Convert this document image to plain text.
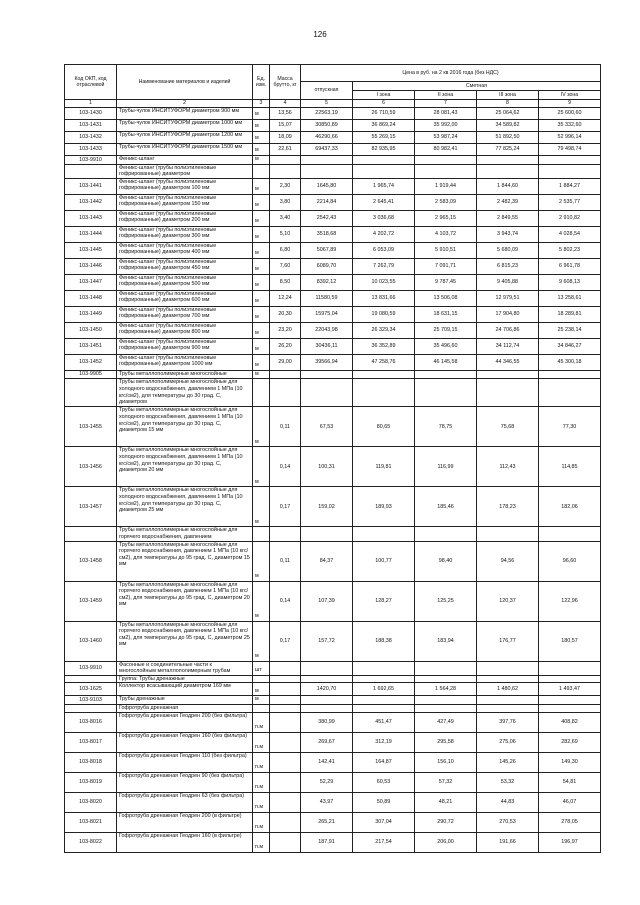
126
Код ОКП, код отраслевой	Наименование материалов и изделий	Ед. изм.	Масса брутто, кг	Цена в руб. на 2 кв 2016 года (без НДС)				
				отпускная	Сметная			
					I зона	II зона	III зона	IV зона
1	2	3	4	5	6	7	8	9
103-1430	Трубы-чулок ИНСИТУФОРМ диаметром 900 мм	м	13,56	22563,19	26 710,59	28 081,43	25 064,62	25 600,60
103-1431	Трубы-чулок ИНСИТУФОРМ диаметром 1000 мм	м	15,07	30850,89	36 869,24	35 992,00	34 589,82	35 332,60
103-1432	Трубы-чулок ИНСИТУФОРМ диаметром 1200 мм	м	18,09	46290,66	55 269,15	53 987,24	51 892,50	52 996,14
103-1433	Трубы-чулок ИНСИТУФОРМ диаметром 1500 мм	м	22,61	69437,33	82 935,95	80 982,41	77 825,24	79 498,74
103-9910	Феникс-шланг	м						
	Феникс-шланг (трубы полиэтиленовые гофрированные) диаметром							
103-1441	Феникс-шланг (трубы полиэтиленовые гофрированные) диаметром 100 мм	м	2,30	1645,80	1 965,74	1 919,44	1 844,60	1 884,27
103-1442	Феникс-шланг (трубы полиэтиленовые гофрированные) диаметром 150 мм	м	3,80	2214,84	2 645,41	2 583,09	2 482,39	2 535,77
103-1443	Феникс-шланг (трубы полиэтиленовые гофрированные) диаметром 200 мм	м	3,40	2542,43	3 036,68	2 965,15	2 849,55	2 910,82
103-1444	Феникс-шланг (трубы полиэтиленовые гофрированные) диаметром 300 мм	м	5,10	3518,68	4 202,72	4 103,72	3 943,74	4 028,54
103-1445	Феникс-шланг (трубы полиэтиленовые гофрированные) диаметром 400 мм	м	6,80	5067,89	6 053,09	5 910,51	5 680,09	5 802,23
103-1446	Феникс-шланг (трубы полиэтиленовые гофрированные) диаметром 450 мм	м	7,60	6089,70	7 262,79	7 091,71	6 815,23	6 961,78
103-1447	Феникс-шланг (трубы полиэтиленовые гофрированные) диаметром 500 мм	м	8,50	8392,12	10 023,55	9 787,45	9 405,88	9 608,13
103-1448	Феникс-шланг (трубы полиэтиленовые гофрированные) диаметром 600 мм	м	12,24	11580,59	13 831,66	13 506,08	12 979,51	13 258,61
103-1449	Феникс-шланг (трубы полиэтиленовые гофрированные) диаметром 700 мм	м	20,30	15975,04	19 080,59	18 631,15	17 904,80	18 289,81
103-1450	Феникс-шланг (трубы полиэтиленовые гофрированные) диаметром 800 мм	м	23,20	22043,98	26 329,34	25 709,15	24 706,86	25 238,14
103-1451	Феникс-шланг (трубы полиэтиленовые гофрированные) диаметром 900 мм	м	26,20	30436,11	36 352,89	35 496,60	34 112,74	34 846,27
103-1452	Феникс-шланг (трубы полиэтиленовые гофрированные) диаметром 1000 мм	м	29,00	39566,94	47 258,76	46 145,58	44 346,55	45 300,18
103-9905	Трубы металлополимерные многослойные	м						
	Трубы металлополимерные многослойные для холодного водоснабжения, давлением 1 МПа (10 кгс/см2), для температуры до 30 град. С, диаметром							
103-1455	Трубы металлополимерные многослойные для холодного водоснабжения, давлением 1 МПа (10 кгс/см2), для температуры до 30 град. С, диаметром 15 мм	м	0,11	67,53	80,65	78,75	75,68	77,30
103-1456	Трубы металлополимерные многослойные для холодного водоснабжения, давлением 1 МПа (10 кгс/см2), для температуры до 30 град. С, диаметром 20 мм	м	0,14	100,31	119,81	116,99	112,43	114,85
103-1457	Трубы металлополимерные многослойные для холодного водоснабжения, давлением 1 МПа (10 кгс/см2), для температуры до 30 град. С, диаметром 25 мм	м	0,17	159,02	189,93	185,46	178,23	182,06
	Трубы металлополимерные многослойные для горячего водоснабжения, давлением							
103-1458	Трубы металлополимерные многослойные для горячего водоснабжения, давлением 1 МПа (10 кгс/см2), для температуры до 95 град. С, диаметром 15 мм	м	0,11	84,37	100,77	98,40	94,56	96,60
103-1459	Трубы металлополимерные многослойные для горячего водоснабжения, давлением 1 МПа (10 кгс/см2), для температуры до 95 град. С, диаметром 20 мм	м	0,14	107,39	128,27	125,25	120,37	122,96
103-1460	Трубы металлополимерные многослойные для горячего водоснабжения, давлением 1 МПа (10 кгс/см2), для температуры до 95 град. С, диаметром 25 мм	м	0,17	157,72	188,38	183,94	176,77	180,57
103-9910	Фасонные и соединительные части к многослойным металлополимерным трубам	шт						
	Группа: Трубы дренажные							
103-1625	Коллектор всасывающий диаметром 169 мм	м		1420,70	1 692,65	1 564,28	1 480,62	1 493,47
103-9103	Трубы дренажные	м						
	Гофротруба дренажная							
103-8016	Гофротруба дренажная Геодрен 200 (без фильтра)	п.м		380,99	451,47	427,49	397,76	408,82
103-8017	Гофротруба дренажная Геодрен 160 (без фильтра)	п.м		269,67	312,19	295,58	275,06	282,69
103-8018	Гофротруба дренажная Геодрен 110 (без фильтра)	п.м		142,41	164,87	156,10	145,26	149,30
103-8019	Гофротруба дренажная Геодрен 90 (без фильтра)	п.м		52,29	60,53	57,32	53,32	54,81
103-8020	Гофротруба дренажная Геодрен 63 (без фильтра)	п.м		43,97	50,89	48,21	44,83	46,07
103-8021	Гофротруба дренажная Геодрен 200 (в фильтре)	п.м		265,21	307,04	290,72	270,53	278,05
103-8022	Гофротруба дренажная Геодрен 160 (в фильтре)	п.м		187,91	217,54	206,00	191,66	196,97
